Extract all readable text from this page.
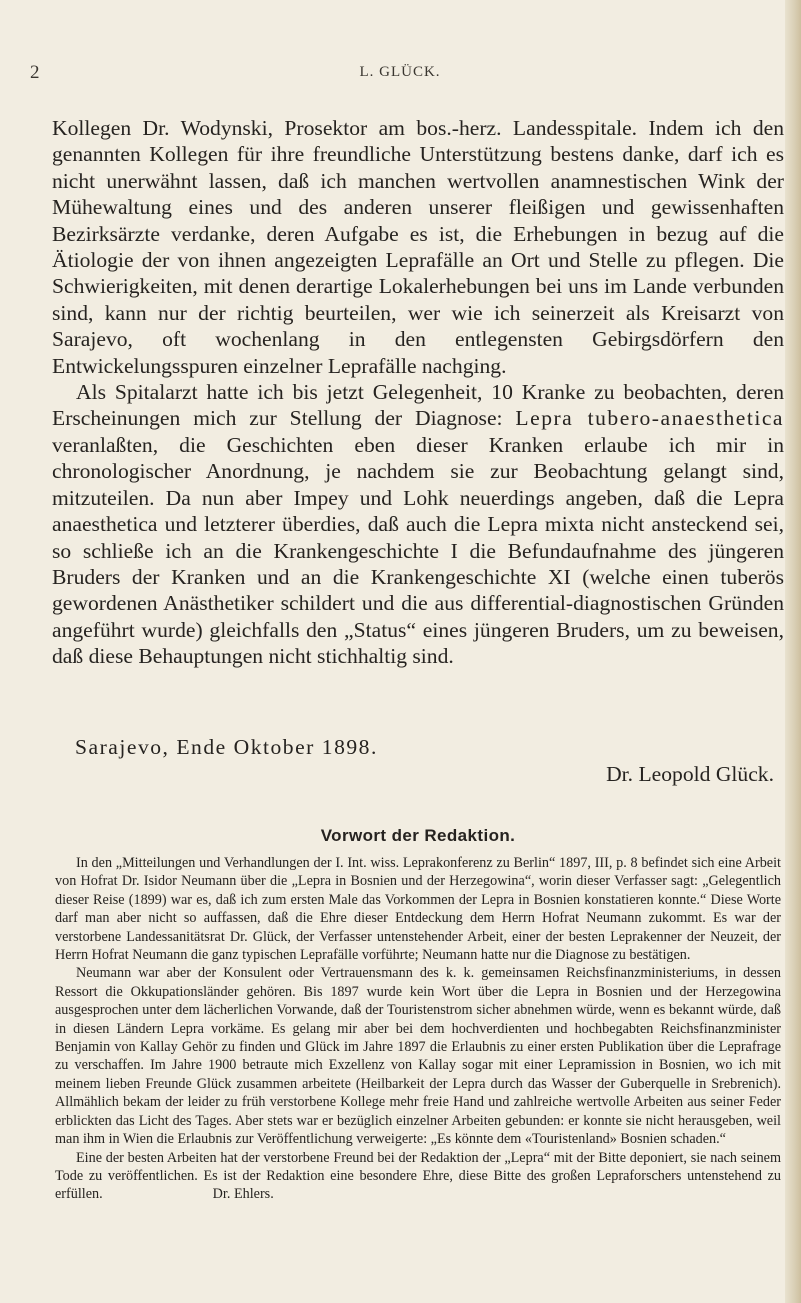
2	L. GLÜCK.

Kollegen Dr. Wodynski, Prosektor am bos.-herz. Landesspitale. Indem ich den genannten Kollegen für ihre freundliche Unterstützung bestens danke, darf ich es nicht unerwähnt lassen, daß ich manchen wertvollen anamnestischen Wink der Mühewaltung eines und des anderen unserer fleißigen und gewissenhaften Bezirksärzte verdanke, deren Aufgabe es ist, die Erhebungen in bezug auf die Ätiologie der von ihnen angezeigten Leprafälle an Ort und Stelle zu pflegen. Die Schwierigkeiten, mit denen derartige Lokalerhebungen bei uns im Lande verbunden sind, kann nur der richtig beurteilen, wer wie ich seinerzeit als Kreisarzt von Sarajevo, oft wochenlang in den entlegensten Gebirgsdörfern den Entwickelungsspuren einzelner Leprafälle nachging.

Als Spitalarzt hatte ich bis jetzt Gelegenheit, 10 Kranke zu beobachten, deren Erscheinungen mich zur Stellung der Diagnose: Lepra tubero-anaesthetica veranlaßten, die Geschichten eben dieser Kranken erlaube ich mir in chronologischer Anordnung, je nachdem sie zur Beobachtung gelangt sind, mitzuteilen. Da nun aber Impey und Lohk neuerdings angeben, daß die Lepra anaesthetica und letzterer überdies, daß auch die Lepra mixta nicht ansteckend sei, so schließe ich an die Krankengeschichte I die Befundaufnahme des jüngeren Bruders der Kranken und an die Krankengeschichte XI (welche einen tuberös gewordenen Anästhetiker schildert und die aus differential-diagnostischen Gründen angeführt wurde) gleichfalls den „Status“ eines jüngeren Bruders, um zu beweisen, daß diese Behauptungen nicht stichhaltig sind.

Sarajevo, Ende Oktober 1898.
Dr. Leopold Glück.
Vorwort der Redaktion.

In den „Mitteilungen und Verhandlungen der I. Int. wiss. Leprakonferenz zu Berlin“ 1897, III, p. 8 befindet sich eine Arbeit von Hofrat Dr. Isidor Neumann über die „Lepra in Bosnien und der Herzegowina“, worin dieser Verfasser sagt: „Gelegentlich dieser Reise (1899) war es, daß ich zum ersten Male das Vorkommen der Lepra in Bosnien konstatieren konnte.“ Diese Worte darf man aber nicht so auffassen, daß die Ehre dieser Entdeckung dem Herrn Hofrat Neumann zukommt. Es war der verstorbene Landessanitätsrat Dr. Glück, der Verfasser untenstehender Arbeit, einer der besten Leprakenner der Neuzeit, der Herrn Hofrat Neumann die ganz typischen Leprafälle vorführte; Neumann hatte nur die Diagnose zu bestätigen.

Neumann war aber der Konsulent oder Vertrauensmann des k. k. gemeinsamen Reichsfinanzministeriums, in dessen Ressort die Okkupationsländer gehören. Bis 1897 wurde kein Wort über die Lepra in Bosnien und der Herzegowina ausgesprochen unter dem lächerlichen Vorwande, daß der Touristenstrom sicher abnehmen würde, wenn es bekannt würde, daß in diesen Ländern Lepra vorkäme. Es gelang mir aber bei dem hochverdienten und hochbegabten Reichsfinanzminister Benjamin von Kallay Gehör zu finden und Glück im Jahre 1897 die Erlaubnis zu einer ersten Publikation über die Leprafrage zu verschaffen. Im Jahre 1900 betraute mich Exzellenz von Kallay sogar mit einer Lepramission in Bosnien, wo ich mit meinem lieben Freunde Glück zusammen arbeitete (Heilbarkeit der Lepra durch das Wasser der Guberquelle in Srebrenich). Allmählich bekam der leider zu früh verstorbene Kollege mehr freie Hand und zahlreiche wertvolle Arbeiten aus seiner Feder erblickten das Licht des Tages. Aber stets war er bezüglich einzelner Arbeiten gebunden: er konnte sie nicht herausgeben, weil man ihm in Wien die Erlaubnis zur Veröffentlichung verweigerte: „Es könnte dem «Touristenland» Bosnien schaden.“

Eine der besten Arbeiten hat der verstorbene Freund bei der Redaktion der „Lepra“ mit der Bitte deponiert, sie nach seinem Tode zu veröffentlichen. Es ist der Redaktion eine besondere Ehre, diese Bitte des großen Lepraforschers untenstehend zu erfüllen.	Dr. Ehlers.
